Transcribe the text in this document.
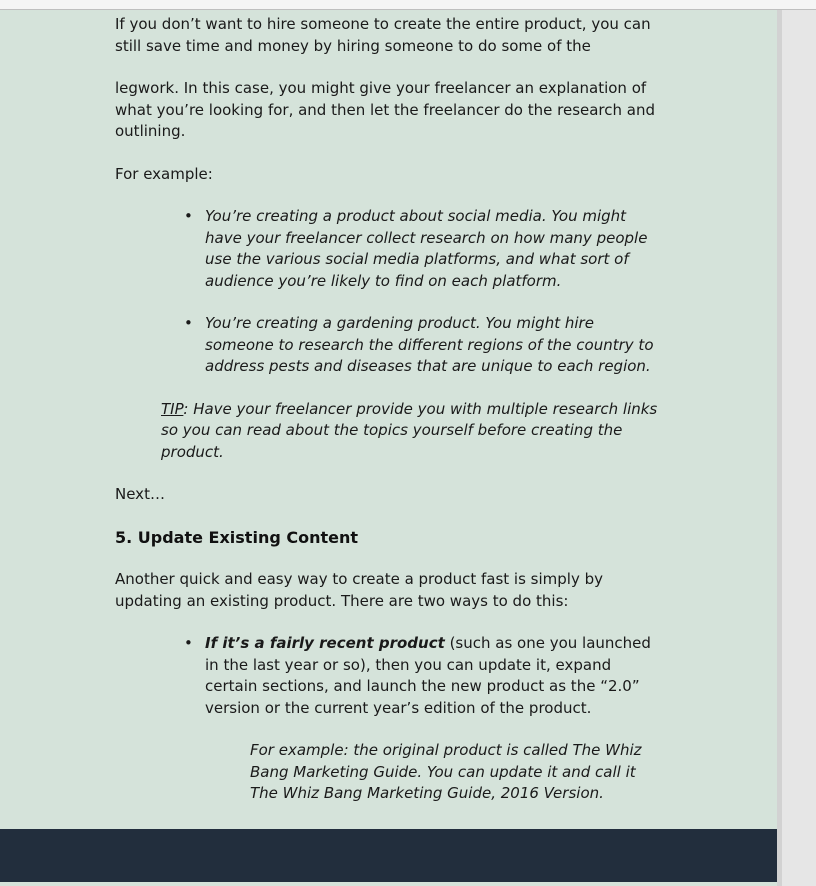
If you don’t want to hire someone to create the entire product, you can still save time and money by hiring someone to do some of the

legwork. In this case, you might give your freelancer an explanation of what you’re looking for, and then let the freelancer do the research and outlining.

For example:

• You’re creating a product about social media. You might have your freelancer collect research on how many people use the various social media platforms, and what sort of audience you’re likely to find on each platform.
• You’re creating a gardening product. You might hire someone to research the different regions of the country to address pests and diseases that are unique to each region.

TIP: Have your freelancer provide you with multiple research links so you can read about the topics yourself before creating the product.

Next…

5. Update Existing Content

Another quick and easy way to create a product fast is simply by updating an existing product. There are two ways to do this:

• If it’s a fairly recent product (such as one you launched in the last year or so), then you can update it, expand certain sections, and launch the new product as the “2.0” version or the current year’s edition of the product.

For example: the original product is called The Whiz Bang Marketing Guide. You can update it and call it The Whiz Bang Marketing Guide, 2016 Version.
